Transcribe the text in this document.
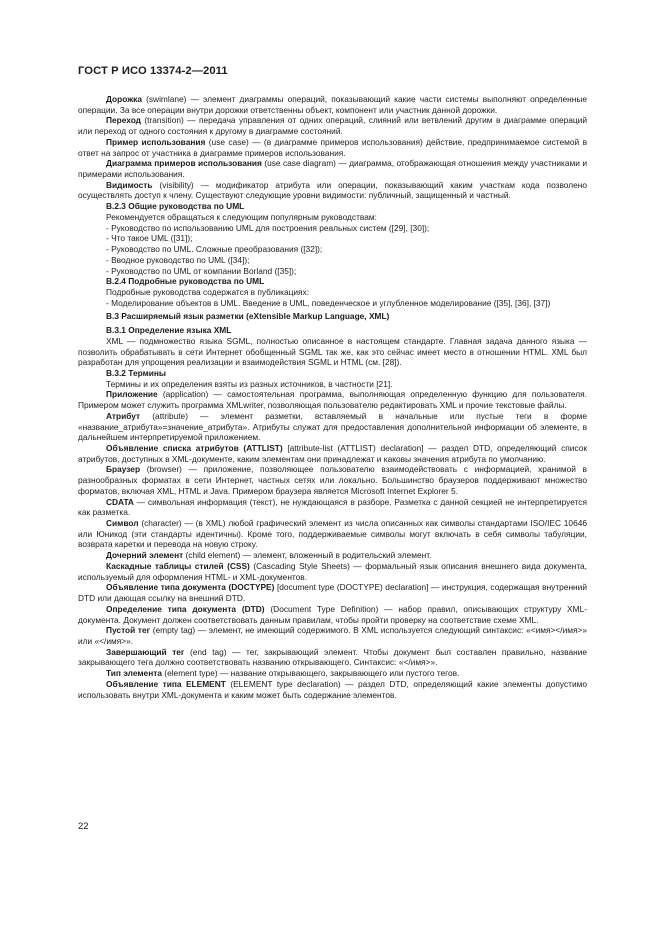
ГОСТ Р ИСО 13374-2—2011

Дорожка (swimlane) — элемент диаграммы операций, показывающий какие части системы выполняют определенные операции. За все операции внутри дорожки ответственны объект, компонент или участник данной дорожки.

Переход (transition) — передача управления от одних операций, слияний или ветвлений другим в диаграмме операций или переход от одного состояния к другому в диаграмме состояний.

Пример использования (use case) — (в диаграмме примеров использования) действие, предпринимаемое системой в ответ на запрос от участника в диаграмме примеров использования.

Диаграмма примеров использования (use case diagram) — диаграмма, отображающая отношения между участниками и примерами использования.

Видимость (visibility) — модификатор атрибута или операции, показывающий каким участкам кода позволено осуществлять доступ к члену. Существуют следующие уровни видимости: публичный, защищенный и частный.

В.2.3 Общие руководства по UML

Рекомендуется обращаться к следующим популярным руководствам:

- Руководство по использованию UML для построения реальных систем ([29], [30]);

- Что такое UML ([31]);

- Руководство по UML. Сложные преобразования ([32]);

- Вводное руководство по UML ([34]);

- Руководство по UML от компании Borland ([35]);

В.2.4 Подробные руководства по UML

Подробные руководства содержатся в публикациях:

- Моделирование объектов в UML. Введение в UML, поведенческое и углубленное моделирование ([35], [36], [37])

В.3 Расширяемый язык разметки (eXtensible Markup Language, XML)

В.3.1 Определение языка XML

XML — подмножество языка SGML, полностью описанное в настоящем стандарте. Главная задача данного языка — позволить обрабатывать в сети Интернет обобщенный SGML так же, как это сейчас имеет место в отношении HTML. XML был разработан для упрощения реализации и взаимодействия SGML и HTML (см. [28]).

В.3.2 Термины

Термины и их определения взяты из разных источников, в частности [21].

Приложение (application) — самостоятельная программа, выполняющая определенную функцию для пользователя. Примером может служить программа XMLwriter, позволяющая пользователю редактировать XML и прочие текстовые файлы.

Атрибут (attribute) — элемент разметки, вставляемый в начальные или пустые теги в форме «название_атрибута»=значение_атрибута». Атрибуты служат для предоставления дополнительной информации об элементе, в дальнейшем интерпретируемой приложением.

Объявление списка атрибутов (ATTLIST) [attribute-list (ATTLIST) declaration] — раздел DTD, определяющий список атрибутов, доступных в XML-документе, каким элементам они принадлежат и каковы значения атрибута по умолчанию.

Браузер (browser) — приложение, позволяющее пользователю взаимодействовать с информацией, хранимой в разнообразных форматах в сети Интернет, частных сетях или локально. Большинство браузеров поддерживают множество форматов, включая XML, HTML и Java. Примером браузера является Microsoft Internet Explorer 5.

CDATA — символьная информация (текст), не нуждающаяся в разборе. Разметка с данной секцией не интерпретируется как разметка.

Символ (character) — (в XML) любой графический элемент из числа описанных как символы стандартами ISO/IEC 10646 или Юникод (эти стандарты идентичны). Кроме того, поддерживаемые символы могут включать в себя символы табуляции, возврата каретки и перевода на новую строку.

Дочерний элемент (child element) — элемент, вложенный в родительский элемент.

Каскадные таблицы стилей (CSS) (Cascading Style Sheets) — формальный язык описания внешнего вида документа, используемый для оформления HTML- и XML-документов.

Объявление типа документа (DOCTYPE) [document type (DOCTYPE) declaration] — инструкция, содержащая внутренний DTD или дающая ссылку на внешний DTD.

Определение типа документа (DTD) (Document Type Definition) — набор правил, описывающих структуру XML-документа. Документ должен соответствовать данным правилам, чтобы пройти проверку на соответствие схеме XML.

Пустой тег (empty tag) — элемент, не имеющий содержимого. В XML используется следующий синтаксис: «<имя></имя>» или «</имя>».

Завершающий тег (end tag) — тег, закрывающий элемент. Чтобы документ был составлен правильно, название закрывающего тега должно соответствовать названию открывающего. Синтаксис: «</имя>».

Тип элемента (element type) — название открывающего, закрывающего или пустого тегов.

Объявление типа ELEMENT (ELEMENT type declaration) — раздел DTD, определяющий какие элементы допустимо использовать внутри XML-документа и каким может быть содержание элементов.

22
